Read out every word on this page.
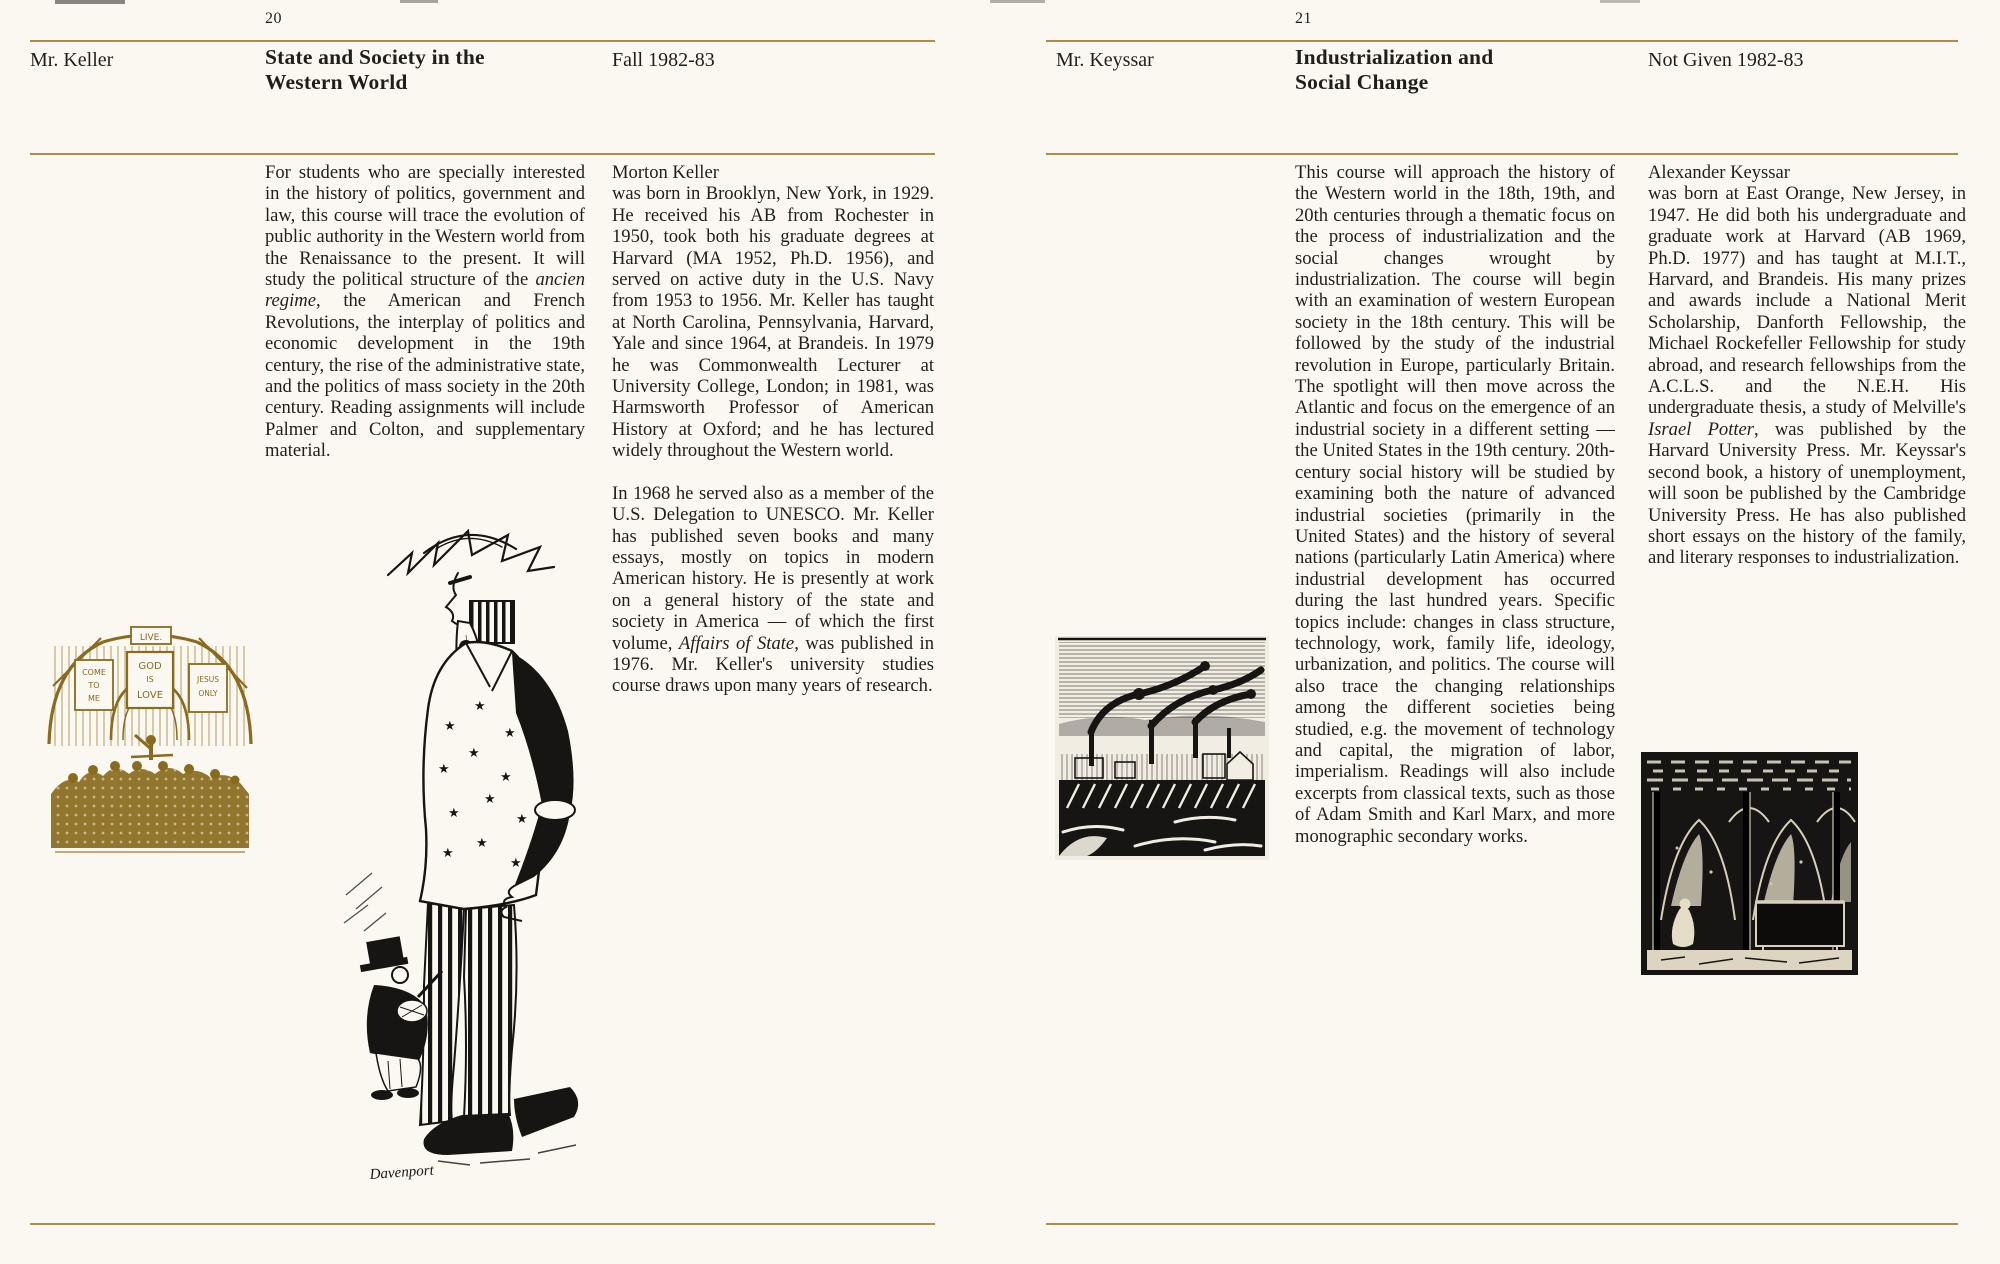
20
Mr. Keller	State and Society in the
Western World
Fall 1982-83

For students who are specially interested in the history of politics, government and law, this course will trace the evolution of public authority in the Western world from the Renaissance to the present. It will study the political structure of the ancien regime, the American and French Revolutions, the interplay of politics and economic development in the 19th century, the rise of the administrative state, and the politics of mass society in the 20th century. Reading assignments will include Palmer and Colton, and supplementary material.

Morton Keller

was born in Brooklyn, New York, in 1929. He received his AB from Rochester in 1950, took both his graduate degrees at Harvard (MA 1952, Ph.D. 1956), and served on active duty in the U.S. Navy from 1953 to 1956. Mr. Keller has taught at North Carolina, Pennsylvania, Harvard, Yale and since 1964, at Brandeis. In 1979 he was Commonwealth Lecturer at University College, London; in 1981, was Harmsworth Professor of American History at Oxford; and he has lectured widely throughout the Western world.

In 1968 he served also as a member of the U.S. Delegation to UNESCO. Mr. Keller has published seven books and many essays, mostly on topics in modern American history. He is presently at work on a general history of the state and society in America — of which the first volume, Affairs of State, was published in 1976. Mr. Keller's university studies course draws upon many years of research.

LIVE.
GOD
IS
LOVE
COME
TO
ME
JESUS
ONLY
★
★
★
★
★
★
★
★
★
★
★
★
Davenport
21
Mr. Keyssar	Industrialization and
Social Change
Not Given 1982-83

This course will approach the history of the Western world in the 18th, 19th, and 20th centuries through a thematic focus on the process of industrialization and the social changes wrought by industrialization. The course will begin with an examination of western European society in the 18th century. This will be followed by the study of the industrial revolution in Europe, particularly Britain. The spotlight will then move across the Atlantic and focus on the emergence of an industrial society in a different setting — the United States in the 19th century. 20th-century social history will be studied by examining both the nature of advanced industrial societies (primarily in the United States) and the history of several nations (particularly Latin America) where industrial development has occurred during the last hundred years. Specific topics include: changes in class structure, technology, work, family life, ideology, urbanization, and politics. The course will also trace the changing relationships among the different societies being studied, e.g. the movement of technology and capital, the migration of labor, imperialism. Readings will also include excerpts from classical texts, such as those of Adam Smith and Karl Marx, and more monographic secondary works.

Alexander Keyssar

was born at East Orange, New Jersey, in 1947. He did both his undergraduate and graduate work at Harvard (AB 1969, Ph.D. 1977) and has taught at M.I.T., Harvard, and Brandeis. His many prizes and awards include a National Merit Scholarship, Danforth Fellowship, the Michael Rockefeller Fellowship for study abroad, and research fellowships from the A.C.L.S. and the N.E.H. His undergraduate thesis, a study of Melville's Israel Potter, was published by the Harvard University Press. Mr. Keyssar's second book, a history of unemployment, will soon be published by the Cambridge University Press. He has also published short essays on the history of the family, and literary responses to industrialization.
